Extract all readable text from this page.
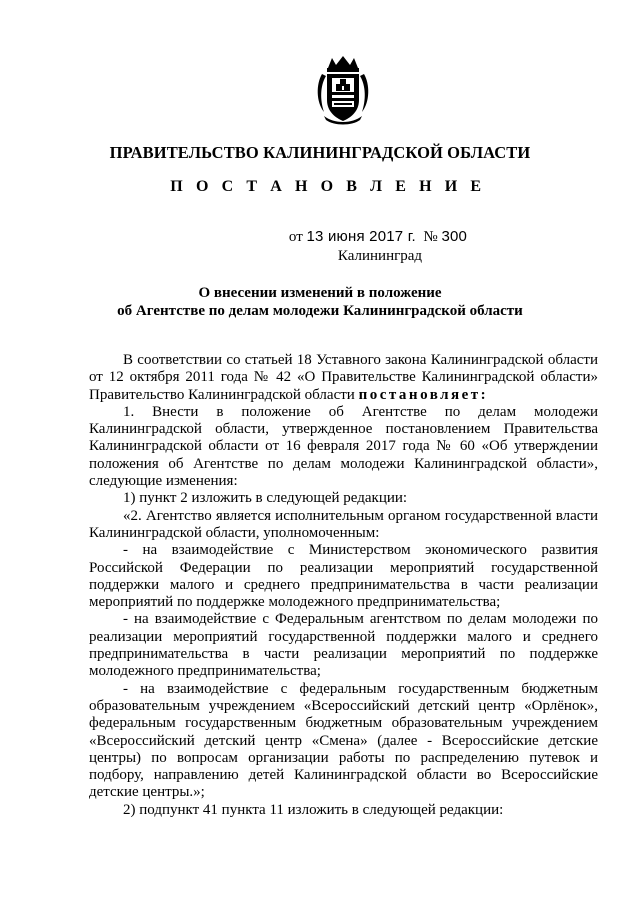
ПРАВИТЕЛЬСТВО КАЛИНИНГРАДСКОЙ ОБЛАСТИ
П О С Т А Н О В Л Е Н И Е
от 13 июня 2017 г. № 300
Калининград
О внесении изменений в положение
об Агентстве по делам молодежи Калининградской области

В соответствии со статьей 18 Уставного закона Калининградской области от 12 октября 2011 года № 42 «О Правительстве Калининградской области» Правительство Калининградской области постановляет:

1. Внести в положение об Агентстве по делам молодежи Калининградской области, утвержденное постановлением Правительства Калининградской области от 16 февраля 2017 года № 60 «Об утверждении положения об Агентстве по делам молодежи Калининградской области», следующие изменения:

1) пункт 2 изложить в следующей редакции:

«2. Агентство является исполнительным органом государственной власти Калининградской области, уполномоченным:

- на взаимодействие с Министерством экономического развития Российской Федерации по реализации мероприятий государственной поддержки малого и среднего предпринимательства в части реализации мероприятий по поддержке молодежного предпринимательства;

- на взаимодействие с Федеральным агентством по делам молодежи по реализации мероприятий государственной поддержки малого и среднего предпринимательства в части реализации мероприятий по поддержке молодежного предпринимательства;

- на взаимодействие с федеральным государственным бюджетным образовательным учреждением «Всероссийский детский центр «Орлёнок», федеральным государственным бюджетным образовательным учреждением «Всероссийский детский центр «Смена» (далее - Всероссийские детские центры) по вопросам организации работы по распределению путевок и подбору, направлению детей Калининградской области во Всероссийские детские центры.»;

2) подпункт 41 пункта 11 изложить в следующей редакции:
